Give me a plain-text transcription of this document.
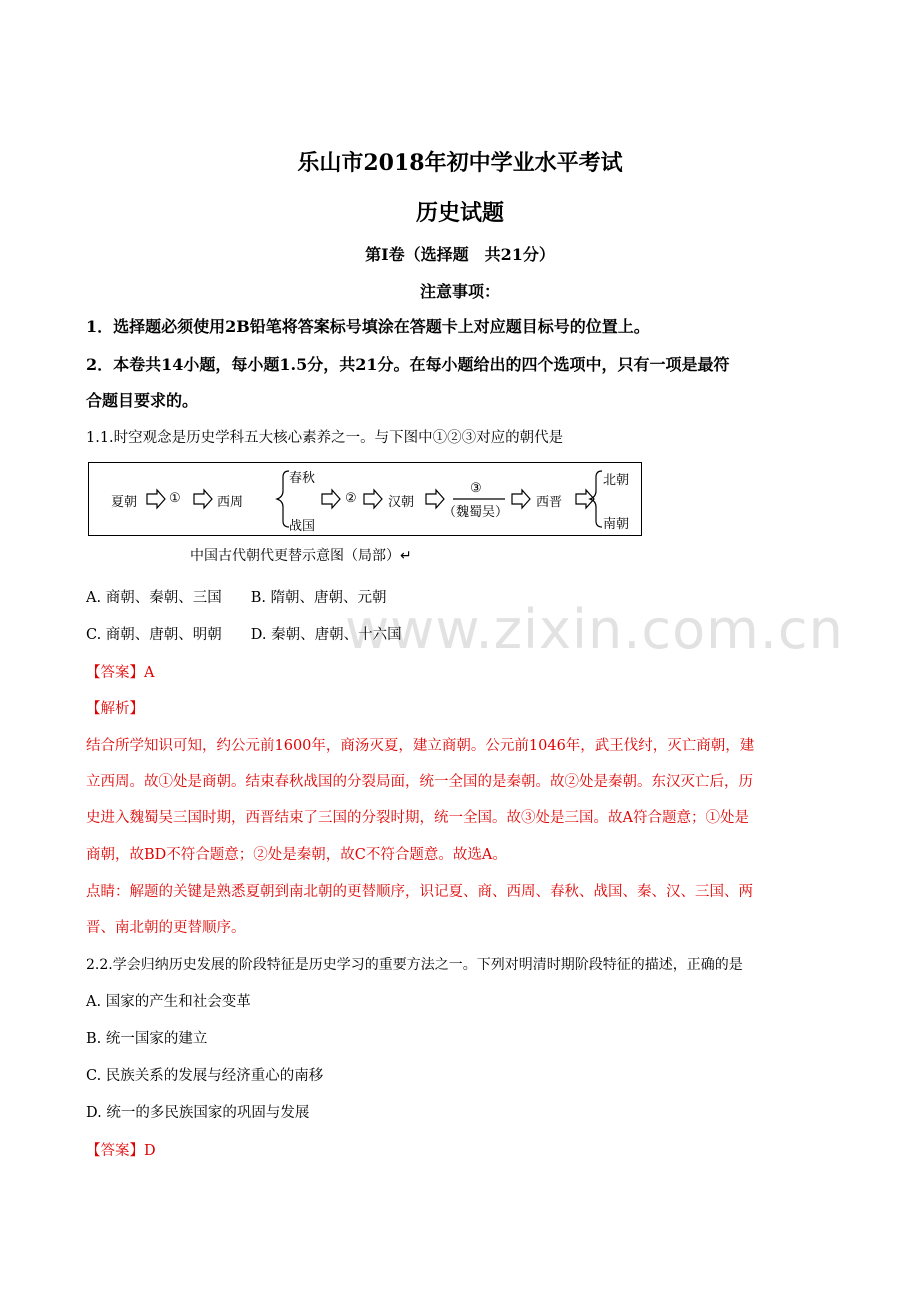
www.zixin.com.cn
乐山市2018年初中学业水平考试
历史试题
第Ⅰ卷（选择题　共21分）
注意事项：
1．选择题必须使用2B铅笔将答案标号填涂在答题卡上对应题目标号的位置上。
2．本卷共14小题，每小题1.5分，共21分。在每小题给出的四个选项中，只有一项是最符
合题目要求的。
1.1.时空观念是历史学科五大核心素养之一。与下图中①②③对应的朝代是
夏朝 ①	西周
春秋
战国
② 汉朝
③
（魏蜀吴）
西晋
北朝
南朝
中国古代朝代更替示意图（局部）↵
A. 商朝、秦朝、三国　　B. 隋朝、唐朝、元朝
C. 商朝、唐朝、明朝　　D. 秦朝、唐朝、十六国
【答案】A
【解析】
结合所学知识可知，约公元前1600年，商汤灭夏，建立商朝。公元前1046年，武王伐纣，灭亡商朝，建
立西周。故①处是商朝。结束春秋战国的分裂局面，统一全国的是秦朝。故②处是秦朝。东汉灭亡后，历
史进入魏蜀吴三国时期，西晋结束了三国的分裂时期，统一全国。故③处是三国。故A符合题意；①处是
商朝，故BD不符合题意；②处是秦朝，故C不符合题意。故选A。
点睛：解题的关键是熟悉夏朝到南北朝的更替顺序，识记夏、商、西周、春秋、战国、秦、汉、三国、两
晋、南北朝的更替顺序。
2.2.学会归纳历史发展的阶段特征是历史学习的重要方法之一。下列对明清时期阶段特征的描述，正确的是
A. 国家的产生和社会变革
B. 统一国家的建立
C. 民族关系的发展与经济重心的南移
D. 统一的多民族国家的巩固与发展
【答案】D
